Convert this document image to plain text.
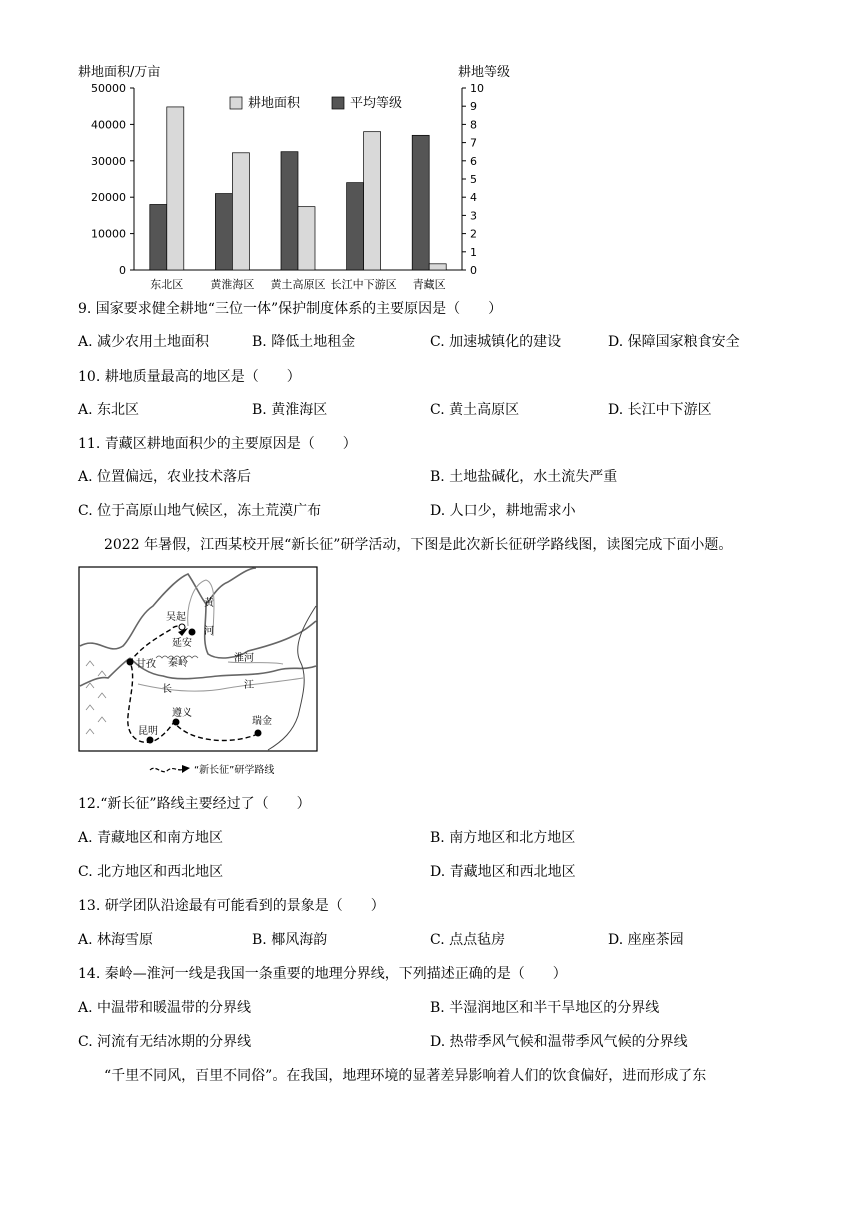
耕地面积/万亩	耕地等级
0
10000
20000
30000
40000
50000
0
1
2
3
4
5
6
7
8
9
10
东北区 黄淮海区 黄土高原区 长江中下游区 青藏区
耕地面积	平均等级
9. 国家要求健全耕地“三位一体”保护制度体系的主要原因是（　　）
A. 减少农用土地面积	B. 降低土地租金	C. 加速城镇化的建设	D. 保障国家粮食安全
10. 耕地质量最高的地区是（　　）
A. 东北区	B. 黄淮海区	C. 黄土高原区	D. 长江中下游区
11. 青藏区耕地面积少的主要原因是（　　）
A. 位置偏远，农业技术落后	B. 土地盐碱化，水土流失严重
C. 位于高原山地气候区，冻土荒漠广布	D. 人口少，耕地需求小
2022 年暑假，江西某校开展“新长征”研学活动，下图是此次新长征研学路线图，读图完成下面小题。
黄
河
吴起
延安
甘孜 秦岭	淮河
长	江
遵义
昆明
瑞金
“新长征”研学路线
12.“新长征”路线主要经过了（　　）
A. 青藏地区和南方地区	B. 南方地区和北方地区
C. 北方地区和西北地区	D. 青藏地区和西北地区
13. 研学团队沿途最有可能看到的景象是（　　）
A. 林海雪原	B. 椰风海韵	C. 点点毡房	D. 座座茶园
14. 秦岭—淮河一线是我国一条重要的地理分界线，下列描述正确的是（　　）
A. 中温带和暖温带的分界线	B. 半湿润地区和半干旱地区的分界线
C. 河流有无结冰期的分界线	D. 热带季风气候和温带季风气候的分界线
“千里不同风，百里不同俗”。在我国，地理环境的显著差异影响着人们的饮食偏好，进而形成了东
